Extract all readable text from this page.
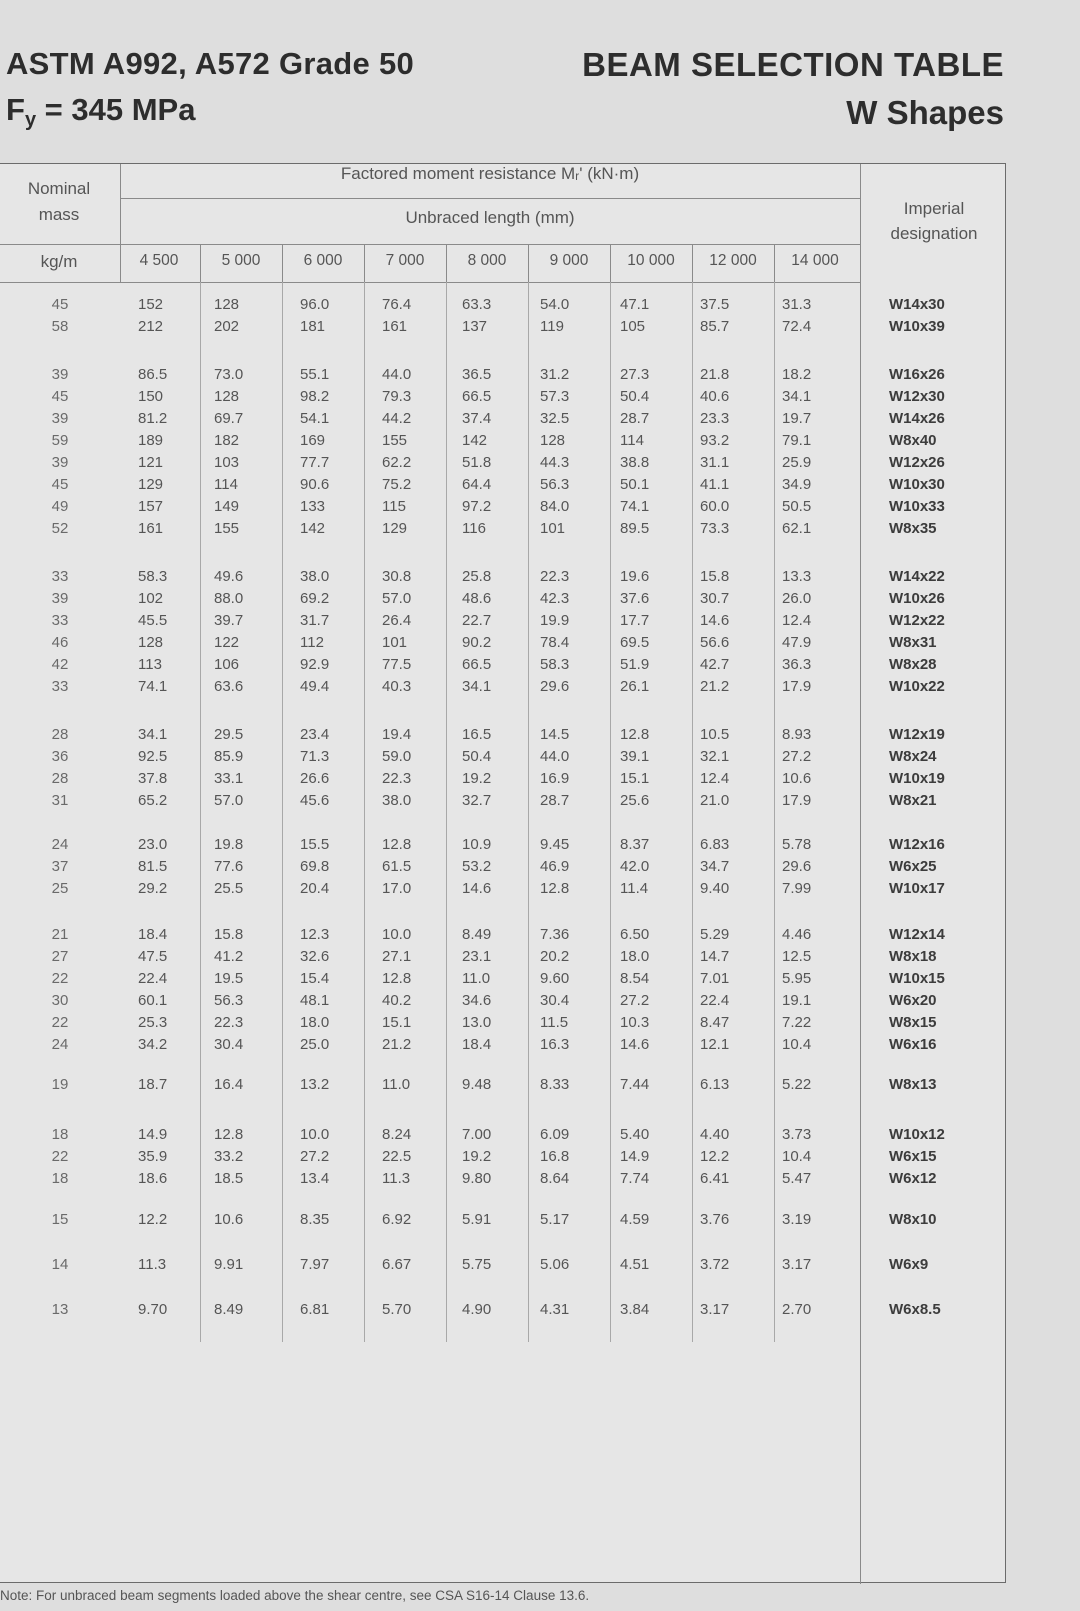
ASTM A992, A572 Grade 50
$F_y = 345$ MPa
BEAM SELECTION TABLE
W Shapes
Nominal
mass
kg/m
Factored moment resistance Mᵣ' (kN·m)
Unbraced length (mm)	Imperial
designation
4 500	5 000	6 000	7 000	8 000	9 000	10 000	12 000	14 000
45	152	128	96.0	76.4	63.3	54.0	47.1	37.5	31.3	W14x30
58	212	202	181	161	137	119	105	85.7	72.4	W10x39
39	86.5	73.0	55.1	44.0	36.5	31.2	27.3	21.8	18.2	W16x26
45	150	128	98.2	79.3	66.5	57.3	50.4	40.6	34.1	W12x30
39	81.2	69.7	54.1	44.2	37.4	32.5	28.7	23.3	19.7	W14x26
59	189	182	169	155	142	128	114	93.2	79.1	W8x40
39	121	103	77.7	62.2	51.8	44.3	38.8	31.1	25.9	W12x26
45	129	114	90.6	75.2	64.4	56.3	50.1	41.1	34.9	W10x30
49	157	149	133	115	97.2	84.0	74.1	60.0	50.5	W10x33
52	161	155	142	129	116	101	89.5	73.3	62.1	W8x35
33	58.3	49.6	38.0	30.8	25.8	22.3	19.6	15.8	13.3	W14x22
39	102	88.0	69.2	57.0	48.6	42.3	37.6	30.7	26.0	W10x26
33	45.5	39.7	31.7	26.4	22.7	19.9	17.7	14.6	12.4	W12x22
46	128	122	112	101	90.2	78.4	69.5	56.6	47.9	W8x31
42	113	106	92.9	77.5	66.5	58.3	51.9	42.7	36.3	W8x28
33	74.1	63.6	49.4	40.3	34.1	29.6	26.1	21.2	17.9	W10x22
28	34.1	29.5	23.4	19.4	16.5	14.5	12.8	10.5	8.93	W12x19
36	92.5	85.9	71.3	59.0	50.4	44.0	39.1	32.1	27.2	W8x24
28	37.8	33.1	26.6	22.3	19.2	16.9	15.1	12.4	10.6	W10x19
31	65.2	57.0	45.6	38.0	32.7	28.7	25.6	21.0	17.9	W8x21
24	23.0	19.8	15.5	12.8	10.9	9.45	8.37	6.83	5.78	W12x16
37	81.5	77.6	69.8	61.5	53.2	46.9	42.0	34.7	29.6	W6x25
25	29.2	25.5	20.4	17.0	14.6	12.8	11.4	9.40	7.99	W10x17
21	18.4	15.8	12.3	10.0	8.49	7.36	6.50	5.29	4.46	W12x14
27	47.5	41.2	32.6	27.1	23.1	20.2	18.0	14.7	12.5	W8x18
22	22.4	19.5	15.4	12.8	11.0	9.60	8.54	7.01	5.95	W10x15
30	60.1	56.3	48.1	40.2	34.6	30.4	27.2	22.4	19.1	W6x20
22	25.3	22.3	18.0	15.1	13.0	11.5	10.3	8.47	7.22	W8x15
24	34.2	30.4	25.0	21.2	18.4	16.3	14.6	12.1	10.4	W6x16
19	18.7	16.4	13.2	11.0	9.48	8.33	7.44	6.13	5.22	W8x13
18	14.9	12.8	10.0	8.24	7.00	6.09	5.40	4.40	3.73	W10x12
22	35.9	33.2	27.2	22.5	19.2	16.8	14.9	12.2	10.4	W6x15
18	18.6	18.5	13.4	11.3	9.80	8.64	7.74	6.41	5.47	W6x12
15	12.2	10.6	8.35	6.92	5.91	5.17	4.59	3.76	3.19	W8x10
14	11.3	9.91	7.97	6.67	5.75	5.06	4.51	3.72	3.17	W6x9
13	9.70	8.49	6.81	5.70	4.90	4.31	3.84	3.17	2.70	W6x8.5
Note: For unbraced beam segments loaded above the shear centre, see CSA S16-14 Clause 13.6.
